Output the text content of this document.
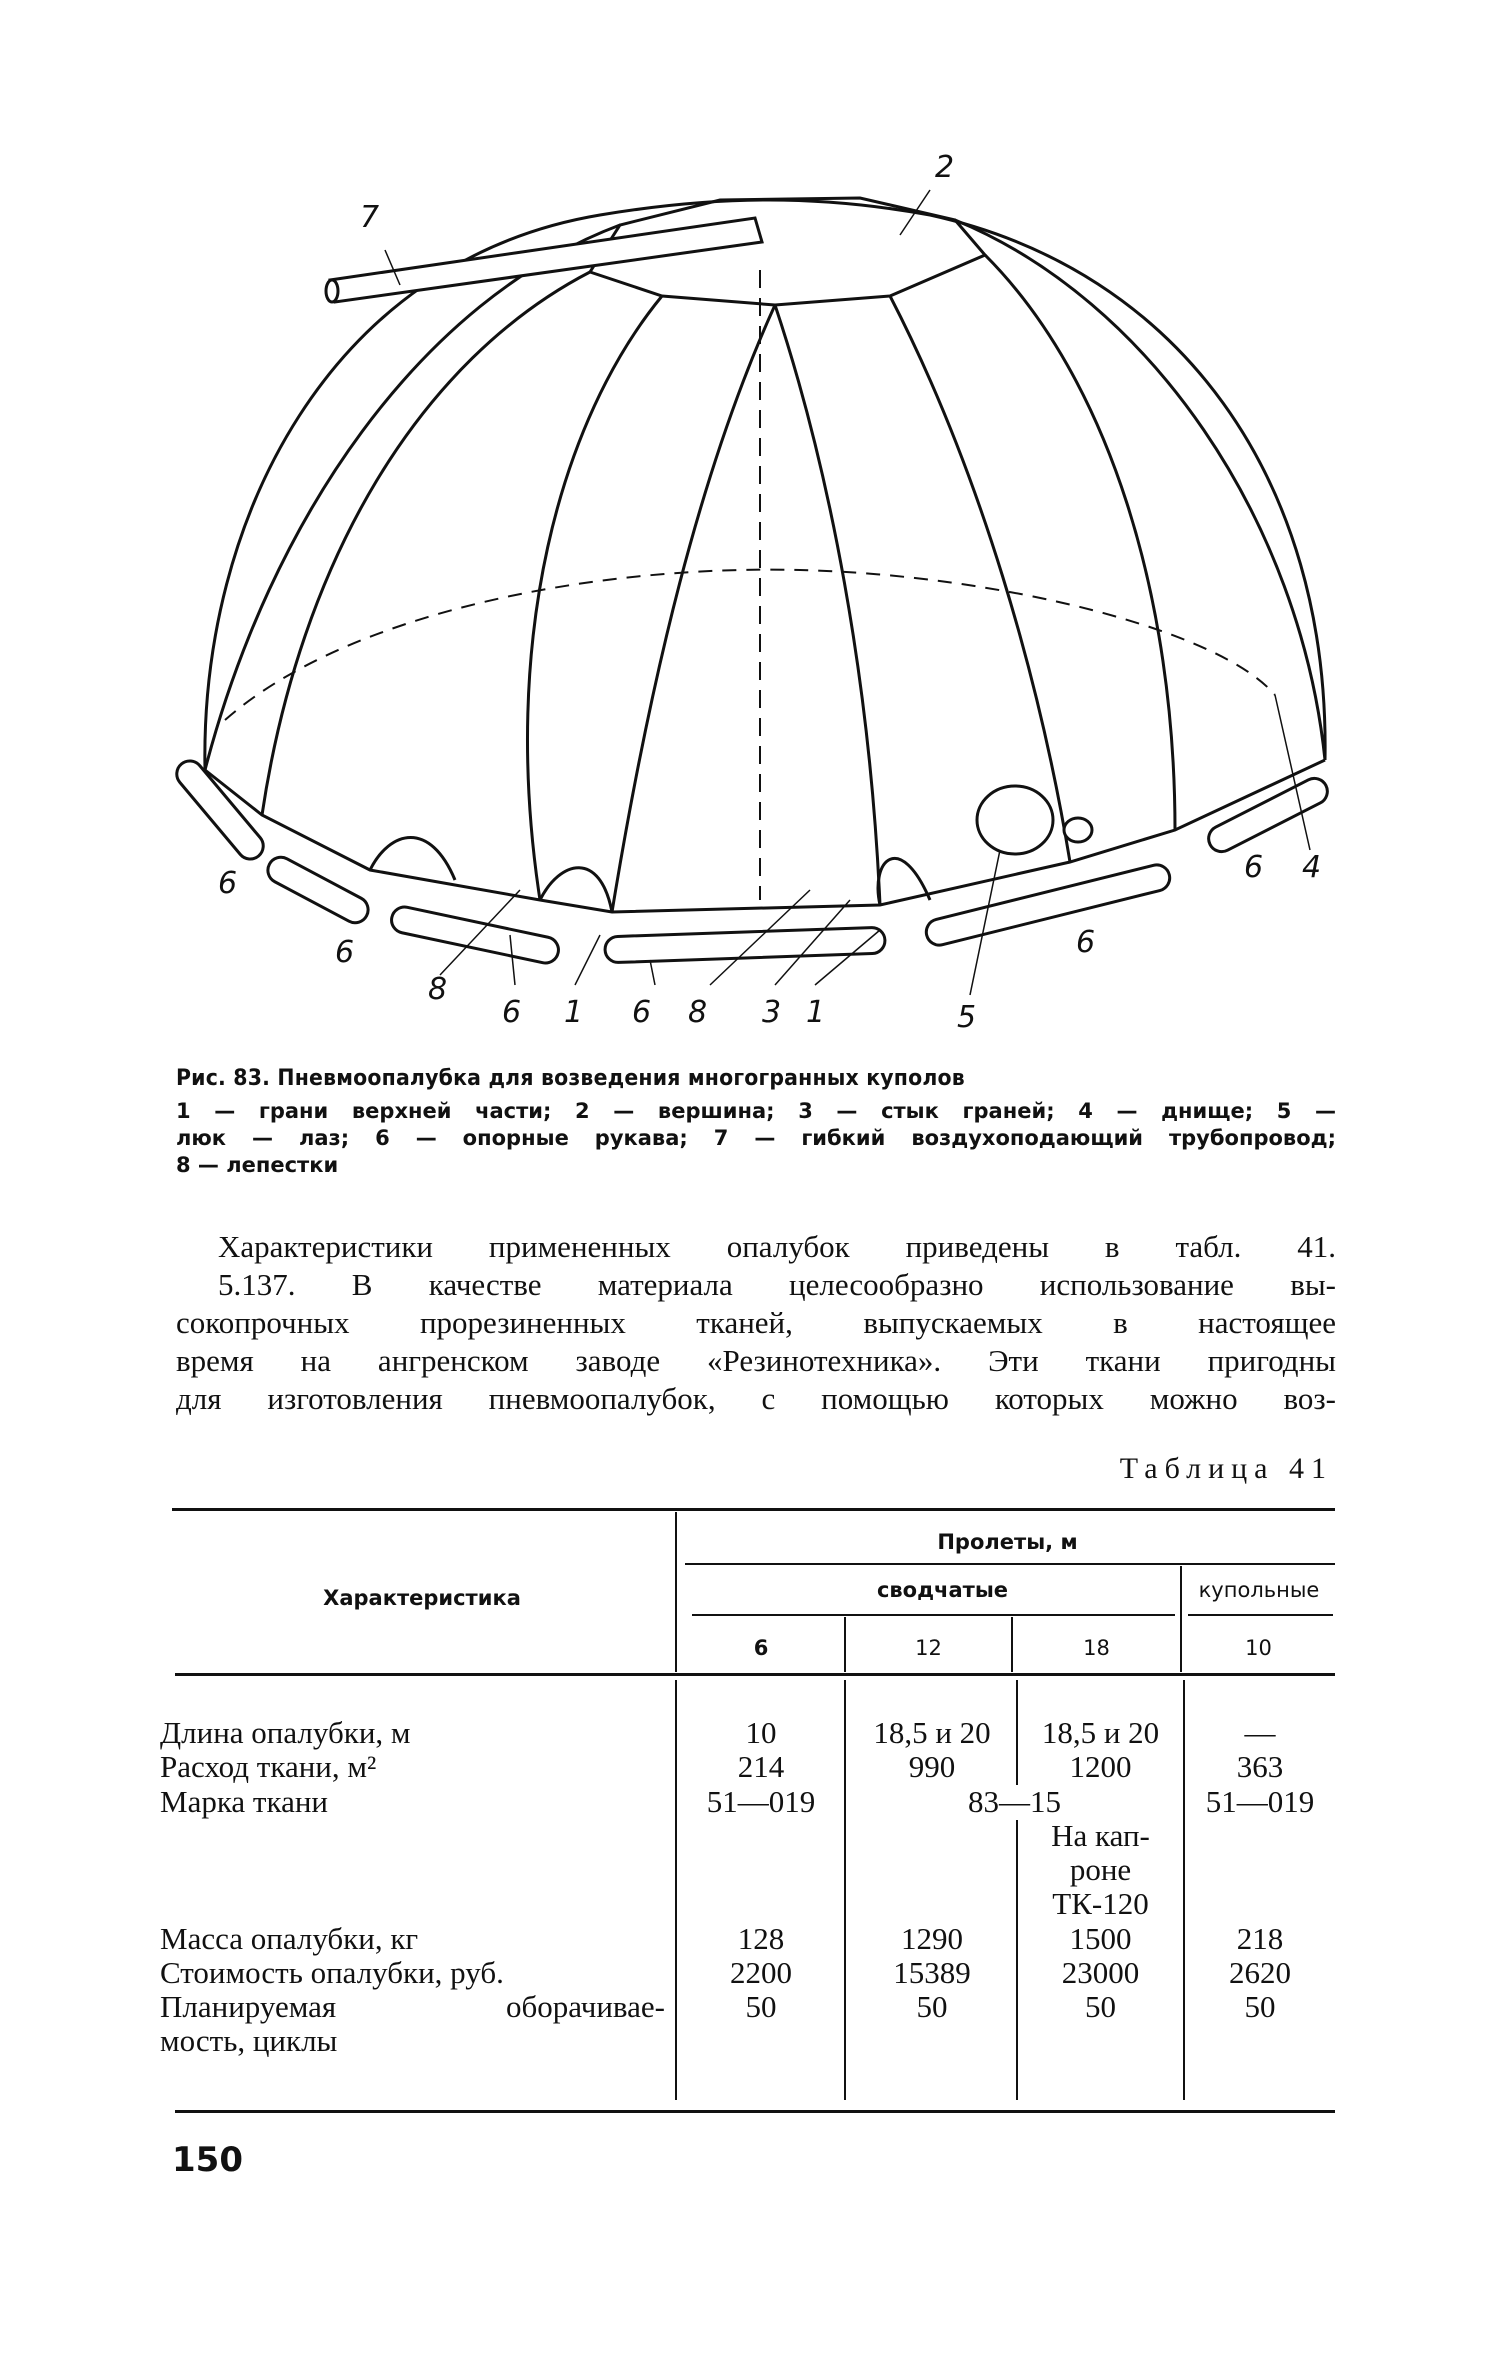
7
2
6
6
8
6 1 6 8 3 1	5
6
6 4
Рис. 83. Пневмоопалубка для возведения многогранных куполов
1 — грани верхней части; 2 — вершина; 3 — стык граней; 4 — днище; 5 —
люк — лаз; 6 — опорные рукава; 7 — гибкий воздухоподающий трубопровод;
8 — лепестки
Характеристики примененных опалубок приведены в табл. 41.
5.137. В качестве материала целесообразно использование вы-
сокопрочных прорезиненных тканей, выпускаемых в настоящее
время на ангренском заводе «Резинотехника». Эти ткани пригодны
для изготовления пневмоопалубок, с помощью которых можно воз-
Таблица 41
Пролеты, м
Характеристика	сводчатые	купольные
6	12	18	10
Длина опалубки, м	10	18,5 и 20	18,5 и 20	—
Расход ткани, м²	214	990	1200	363
Марка ткани	51—019	83—15	51—019
На кап-
роне
ТК-120
Масса опалубки, кг	128	1290	1500	218
Стоимость опалубки, руб.	2200	15389	23000	2620
Планируемая оборачивае-	50	50	50	50
мость, циклы
150
